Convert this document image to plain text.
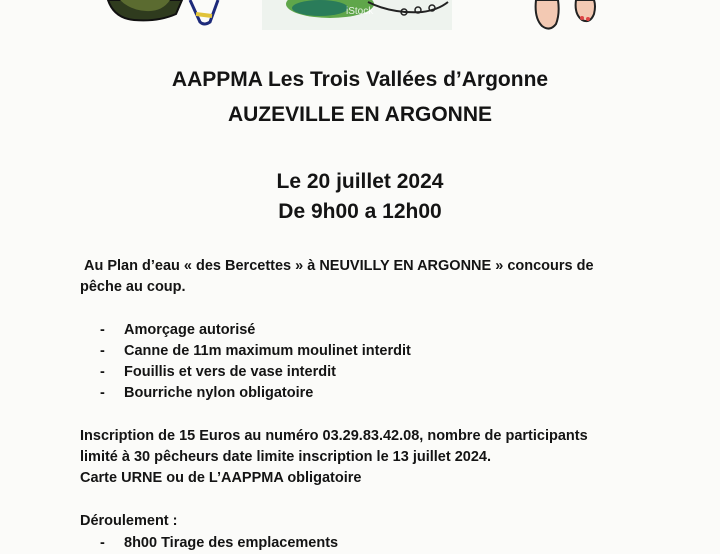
iStock
AAPPMA Les Trois Vallées d’Argonne
AUZEVILLE EN ARGONNE
Le 20 juillet 2024
De 9h00 a 12h00
Au Plan d’eau « des Bercettes » à NEUVILLY EN ARGONNE » concours de
pêche au coup.
-	Amorçage autorisé
-	Canne de 11m maximum moulinet interdit
-	Fouillis et vers de vase interdit
-	Bourriche nylon obligatoire
Inscription de 15 Euros au numéro 03.29.83.42.08, nombre de participants
limité à 30 pêcheurs date limite inscription le 13 juillet 2024.
Carte URNE ou de L’AAPPMA obligatoire
Déroulement :
-	8h00 Tirage des emplacements
